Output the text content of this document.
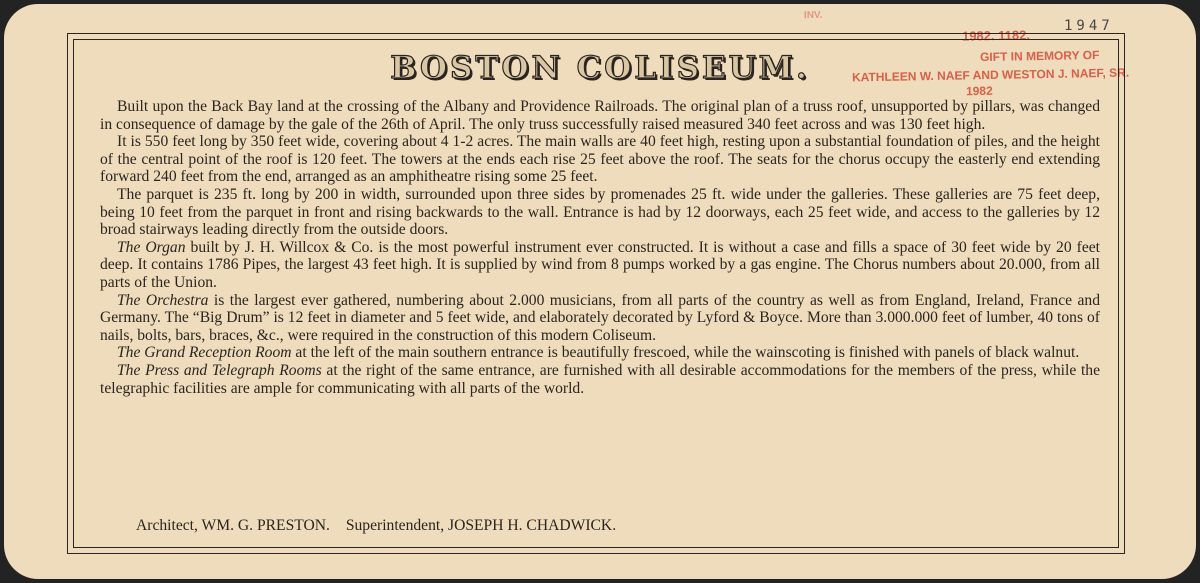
INV.
1947
1982. 1182.
GIFT IN MEMORY OF
KATHLEEN W. NAEF AND WESTON J. NAEF, SR.
1982
BOSTON COLISEUM.

Built upon the Back Bay land at the crossing of the Albany and Providence Railroads. The original plan of a truss roof, unsupported by pillars, was changed in consequence of damage by the gale of the 26th of April. The only truss successfully raised measured 340 feet across and was 130 feet high.

It is 550 feet long by 350 feet wide, covering about 4 1-2 acres. The main walls are 40 feet high, resting upon a substantial foundation of piles, and the height of the central point of the roof is 120 feet. The towers at the ends each rise 25 feet above the roof. The seats for the chorus occupy the easterly end extending forward 240 feet from the end, arranged as an amphitheatre rising some 25 feet.

The parquet is 235 ft. long by 200 in width, surrounded upon three sides by promenades 25 ft. wide under the galleries. These galleries are 75 feet deep, being 10 feet from the parquet in front and rising backwards to the wall. Entrance is had by 12 doorways, each 25 feet wide, and access to the galleries by 12 broad stairways leading directly from the outside doors.

The Organ built by J. H. Willcox & Co. is the most powerful instrument ever constructed. It is without a case and fills a space of 30 feet wide by 20 feet deep. It contains 1786 Pipes, the largest 43 feet high. It is supplied by wind from 8 pumps worked by a gas engine. The Chorus numbers about 20.000, from all parts of the Union.

The Orchestra is the largest ever gathered, numbering about 2.000 musicians, from all parts of the country as well as from England, Ireland, France and Germany. The “Big Drum” is 12 feet in diameter and 5 feet wide, and elaborately decorated by Lyford & Boyce. More than 3.000.000 feet of lumber, 40 tons of nails, bolts, bars, braces, &c., were required in the construction of this modern Coliseum.

The Grand Reception Room at the left of the main southern entrance is beautifully frescoed, while the wainscoting is finished with panels of black walnut.

The Press and Telegraph Rooms at the right of the same entrance, are furnished with all desirable accommodations for the members of the press, while the telegraphic facilities are ample for communicating with all parts of the world.

Architect, WM. G. PRESTON. Superintendent, JOSEPH H. CHADWICK.
